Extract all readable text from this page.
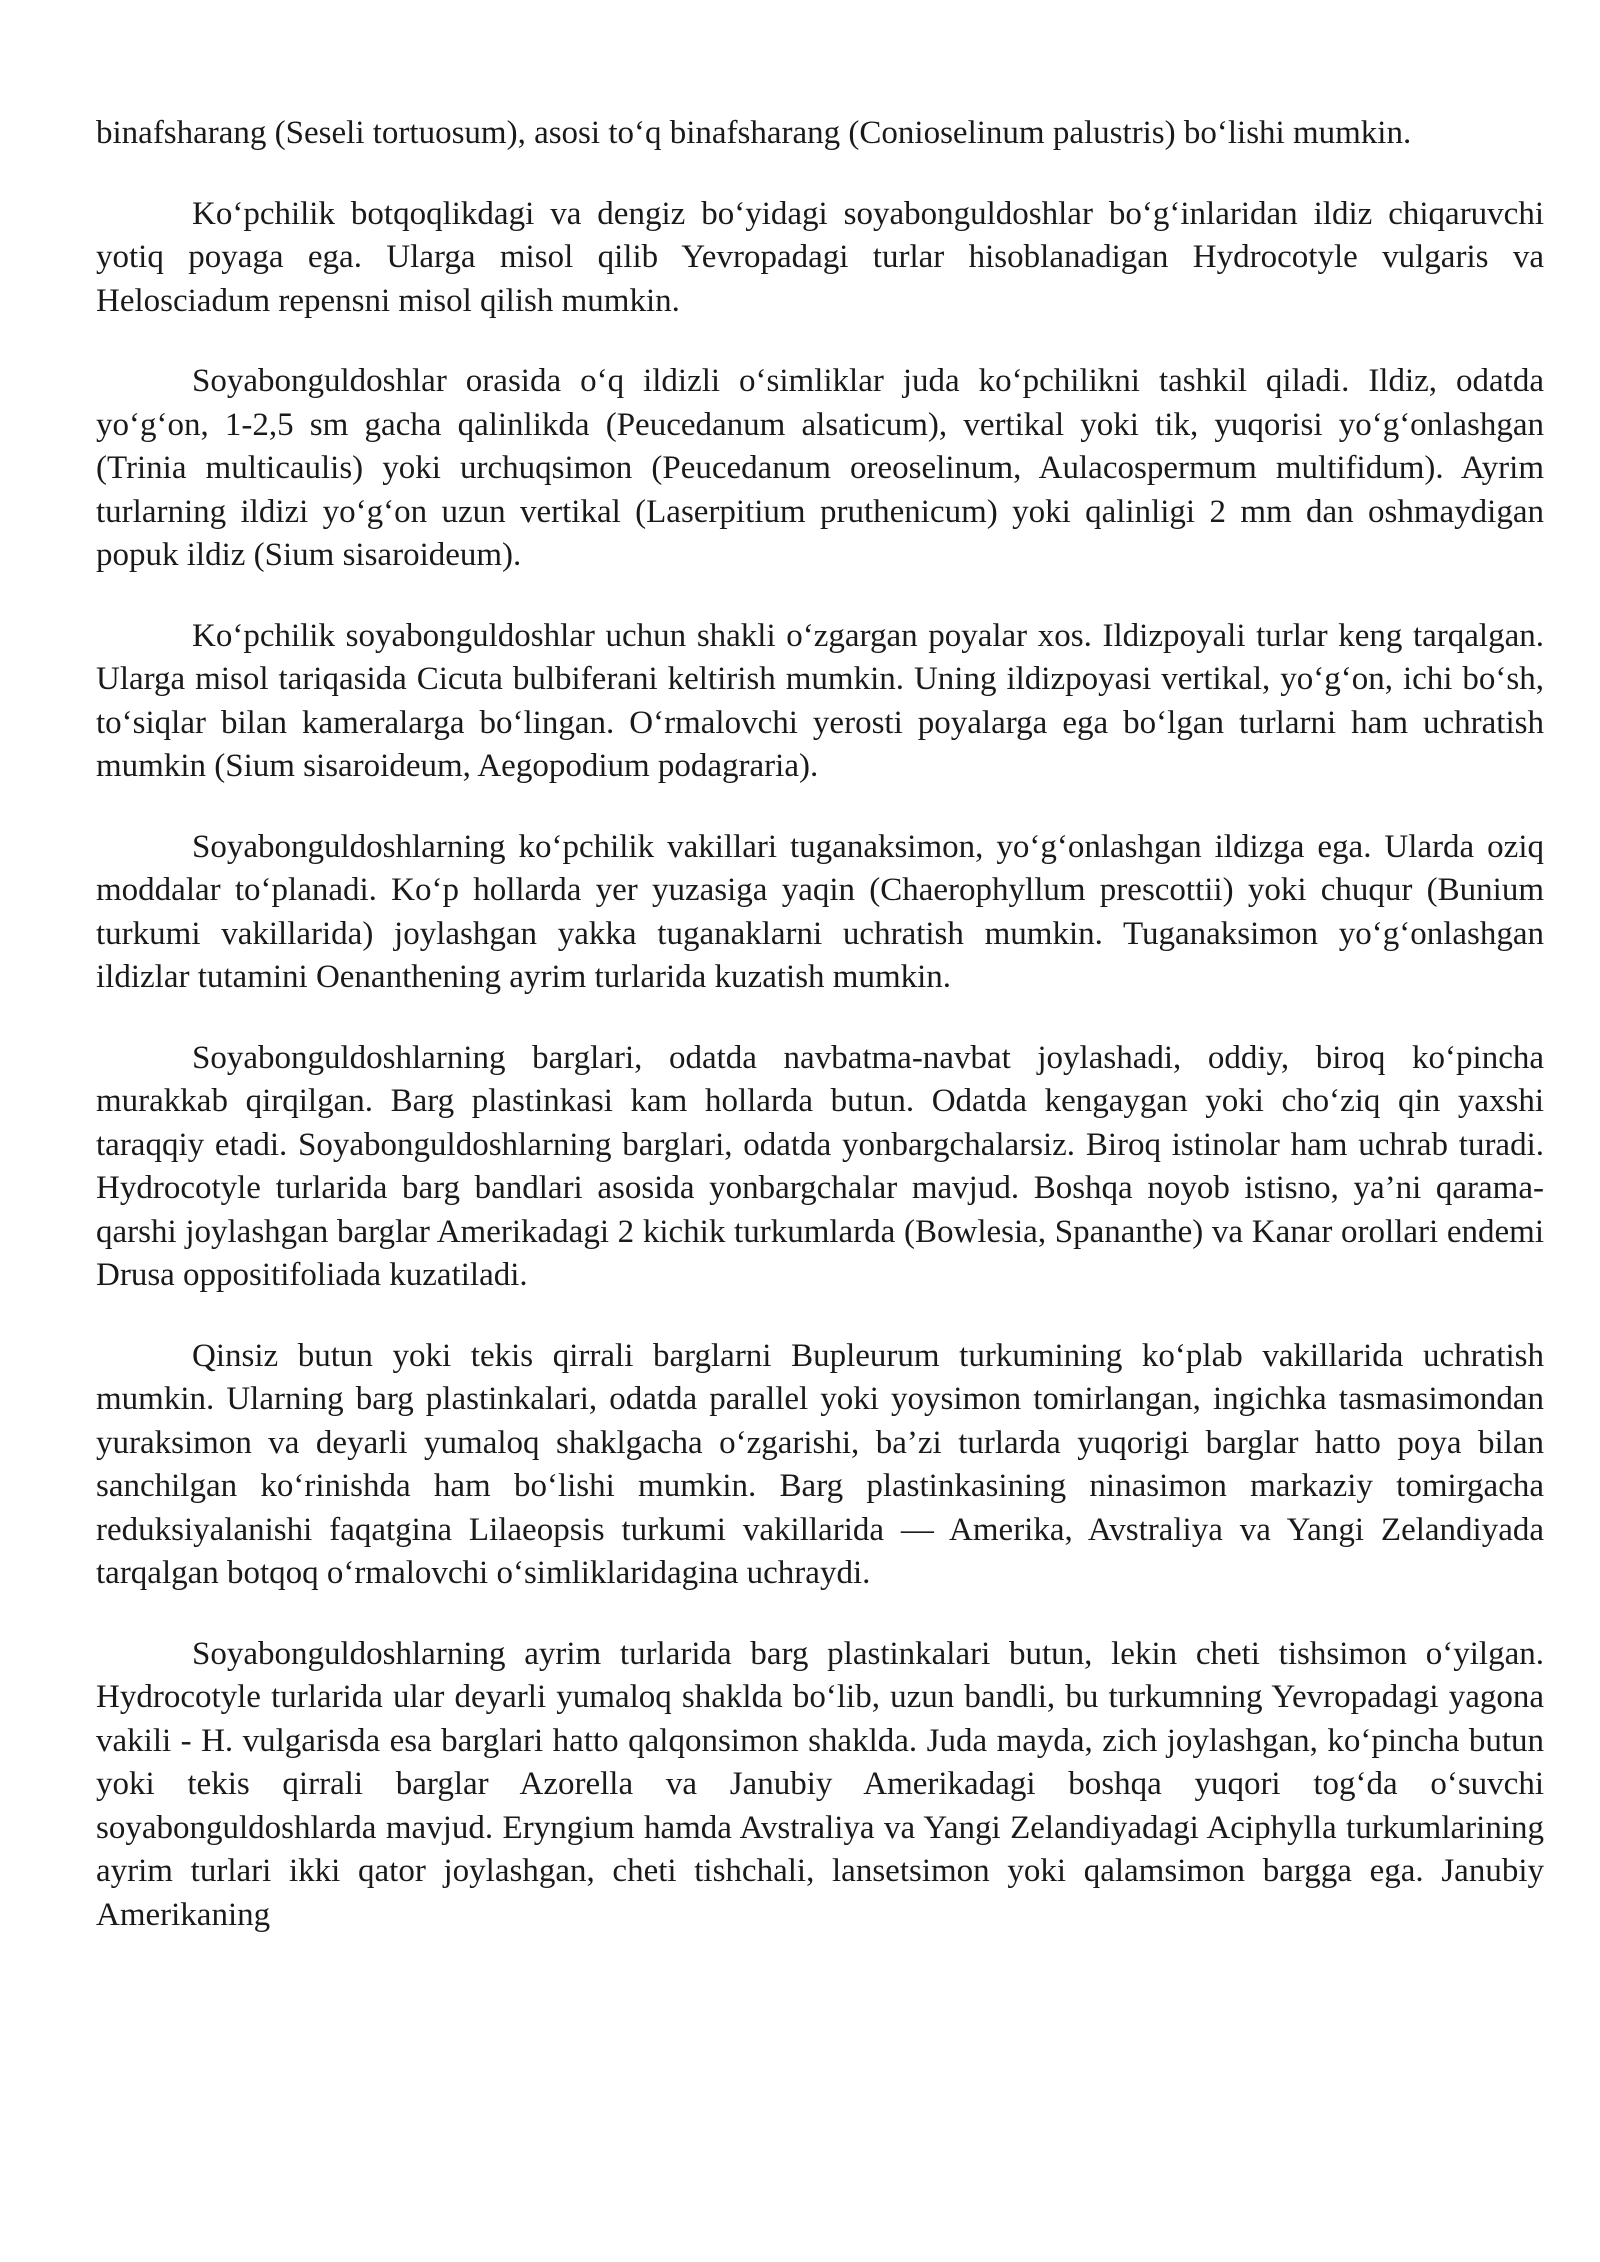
binafsharang (Seseli tortuosum), asosi to‘q binafsharang (Conioselinum palustris) bo‘lishi mumkin.

Ko‘pchilik botqoqlikdagi va dengiz bo‘yidagi soyabonguldoshlar bo‘g‘inlaridan ildiz chiqaruvchi yotiq poyaga ega. Ularga misol qilib Yevropadagi turlar hisoblanadigan Hydrocotyle vulgaris va Helosciadum repensni misol qilish mumkin.

Soyabonguldoshlar orasida o‘q ildizli o‘simliklar juda ko‘pchilikni tashkil qiladi. Ildiz, odatda yo‘g‘on, 1-2,5 sm gacha qalinlikda (Peucedanum alsaticum), vertikal yoki tik, yuqorisi yo‘g‘onlashgan (Trinia multicaulis) yoki urchuqsimon (Peucedanum oreoselinum, Aulacospermum multifidum). Ayrim turlarning ildizi yo‘g‘on uzun vertikal (Laserpitium pruthenicum) yoki qalinligi 2 mm dan oshmaydigan popuk ildiz (Sium sisaroideum).

Ko‘pchilik soyabonguldoshlar uchun shakli o‘zgargan poyalar xos. Ildizpoyali turlar keng tarqalgan. Ularga misol tariqasida Cicuta bulbiferani keltirish mumkin. Uning ildizpoyasi vertikal, yo‘g‘on, ichi bo‘sh, to‘siqlar bilan kameralarga bo‘lingan. O‘rmalovchi yerosti poyalarga ega bo‘lgan turlarni ham uchratish mumkin (Sium sisaroideum, Aegopodium podagraria).

Soyabonguldoshlarning ko‘pchilik vakillari tuganaksimon, yo‘g‘onlashgan ildizga ega. Ularda oziq moddalar to‘planadi. Ko‘p hollarda yer yuzasiga yaqin (Chaerophyllum prescottii) yoki chuqur (Bunium turkumi vakillarida) joylashgan yakka tuganaklarni uchratish mumkin. Tuganaksimon yo‘g‘onlashgan ildizlar tutamini Oenanthening ayrim turlarida kuzatish mumkin.

Soyabonguldoshlarning barglari, odatda navbatma-navbat joylashadi, oddiy, biroq ko‘pincha murakkab qirqilgan. Barg plastinkasi kam hollarda butun. Odatda kengaygan yoki cho‘ziq qin yaxshi taraqqiy etadi. Soyabonguldoshlarning barglari, odatda yonbargchalarsiz. Biroq istinolar ham uchrab turadi. Hydrocotyle turlarida barg bandlari asosida yonbargchalar mavjud. Boshqa noyob istisno, ya’ni qarama-qarshi joylashgan barglar Amerikadagi 2 kichik turkumlarda (Bowlesia, Spananthe) va Kanar orollari endemi Drusa oppositifoliada kuzatiladi.

Qinsiz butun yoki tekis qirrali barglarni Bupleurum turkumining ko‘plab vakillarida uchratish mumkin. Ularning barg plastinkalari, odatda parallel yoki yoysimon tomirlangan, ingichka tasmasimondan yuraksimon va deyarli yumaloq shaklgacha o‘zgarishi, ba’zi turlarda yuqorigi barglar hatto poya bilan sanchilgan ko‘rinishda ham bo‘lishi mumkin. Barg plastinkasining ninasimon markaziy tomirgacha reduksiyalanishi faqatgina Lilaeopsis turkumi vakillarida — Amerika, Avstraliya va Yangi Zelandiyada tarqalgan botqoq o‘rmalovchi o‘simliklaridagina uchraydi.

Soyabonguldoshlarning ayrim turlarida barg plastinkalari butun, lekin cheti tishsimon o‘yilgan. Hydrocotyle turlarida ular deyarli yumaloq shaklda bo‘lib, uzun bandli, bu turkumning Yevropadagi yagona vakili - H. vulgarisda esa barglari hatto qalqonsimon shaklda. Juda mayda, zich joylashgan, ko‘pincha butun yoki tekis qirrali barglar Azorella va Janubiy Amerikadagi boshqa yuqori tog‘da o‘suvchi soyabonguldoshlarda mavjud. Eryngium hamda Avstraliya va Yangi Zelandiyadagi Aciphylla turkumlarining ayrim turlari ikki qator joylashgan, cheti tishchali, lansetsimon yoki qalamsimon bargga ega. Janubiy Amerikaning
